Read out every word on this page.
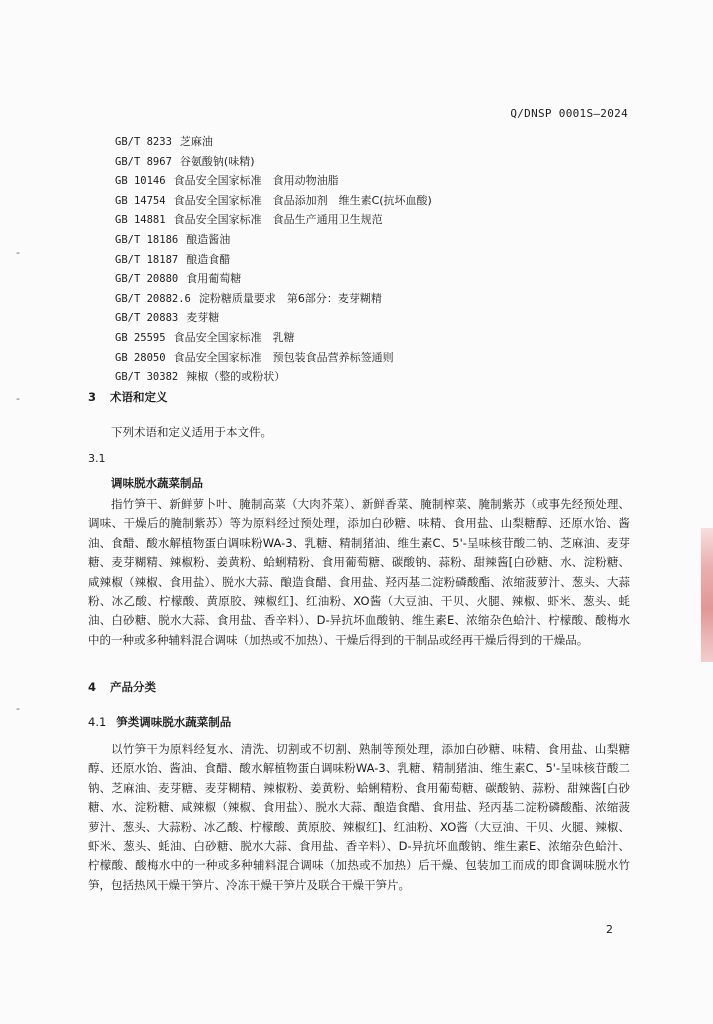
Q/DNSP 0001S—2024
GB/T 8233 芝麻油
GB/T 8967 谷氨酸钠(味精)
GB 10146 食品安全国家标准　食用动物油脂
GB 14754 食品安全国家标准　食品添加剂　维生素C(抗坏血酸)
GB 14881 食品安全国家标准　食品生产通用卫生规范
GB/T 18186 酿造酱油
GB/T 18187 酿造食醋
GB/T 20880 食用葡萄糖
GB/T 20882.6 淀粉糖质量要求　第6部分：麦芽糊精
GB/T 20883 麦芽糖
GB 25595 食品安全国家标准　乳糖
GB 28050 食品安全国家标准　预包装食品营养标签通则
GB/T 30382 辣椒（整的或粉状）
-
-
-
3 术语和定义
下列术语和定义适用于本文件。
3.1
调味脱水蔬菜制品
指竹笋干、新鲜萝卜叶、腌制高菜（大肉芥菜）、新鲜香菜、腌制榨菜、腌制紫苏（或事先经预处理、调味、干燥后的腌制紫苏）等为原料经过预处理，添加白砂糖、味精、食用盐、山梨糖醇、还原水饴、酱油、食醋、酸水解植物蛋白调味粉WA-3、乳糖、精制猪油、维生素C、5'-呈味核苷酸二钠、芝麻油、麦芽糖、麦芽糊精、辣椒粉、姜黄粉、蛤蜊精粉、食用葡萄糖、碳酸钠、蒜粉、甜辣酱[白砂糖、水、淀粉糖、咸辣椒（辣椒、食用盐）、脱水大蒜、酿造食醋、食用盐、羟丙基二淀粉磷酸酯、浓缩菠萝汁、葱头、大蒜粉、冰乙酸、柠檬酸、黄原胶、辣椒红]、红油粉、XO酱（大豆油、干贝、火腿、辣椒、虾米、葱头、蚝油、白砂糖、脱水大蒜、食用盐、香辛料）、D-异抗坏血酸钠、维生素E、浓缩杂色蛤汁、柠檬酸、酸梅水中的一种或多种辅料混合调味（加热或不加热）、干燥后得到的干制品或经再干燥后得到的干燥品。
4 产品分类
4.1 笋类调味脱水蔬菜制品
以竹笋干为原料经复水、清洗、切割或不切割、熟制等预处理，添加白砂糖、味精、食用盐、山梨糖醇、还原水饴、酱油、食醋、酸水解植物蛋白调味粉WA-3、乳糖、精制猪油、维生素C、5'-呈味核苷酸二钠、芝麻油、麦芽糖、麦芽糊精、辣椒粉、姜黄粉、蛤蜊精粉、食用葡萄糖、碳酸钠、蒜粉、甜辣酱[白砂糖、水、淀粉糖、咸辣椒（辣椒、食用盐）、脱水大蒜、酿造食醋、食用盐、羟丙基二淀粉磷酸酯、浓缩菠萝汁、葱头、大蒜粉、冰乙酸、柠檬酸、黄原胶、辣椒红]、红油粉、XO酱（大豆油、干贝、火腿、辣椒、虾米、葱头、蚝油、白砂糖、脱水大蒜、食用盐、香辛料）、D-异抗坏血酸钠、维生素E、浓缩杂色蛤汁、柠檬酸、酸梅水中的一种或多种辅料混合调味（加热或不加热）后干燥、包装加工而成的即食调味脱水竹笋，包括热风干燥干笋片、冷冻干燥干笋片及联合干燥干笋片。
2
